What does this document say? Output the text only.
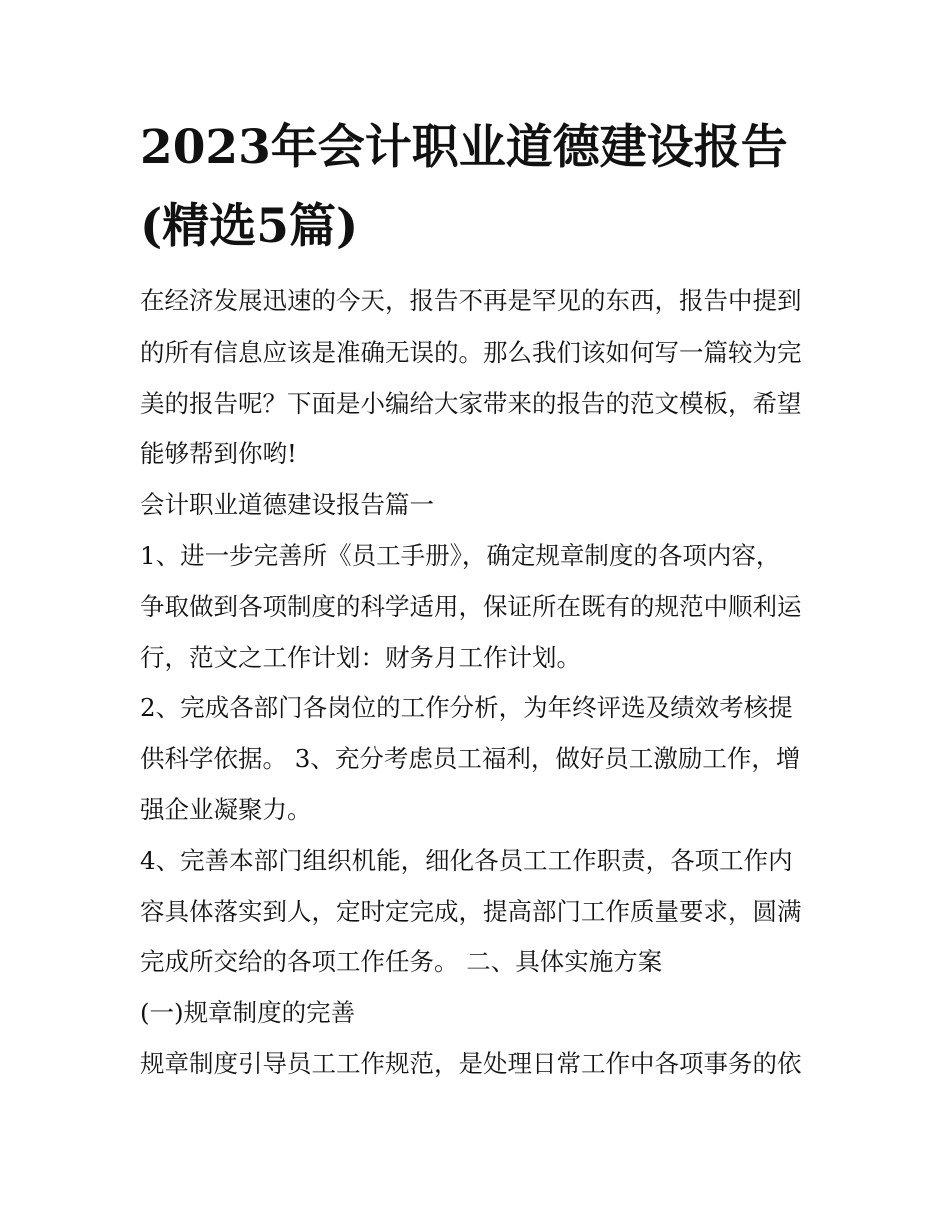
2023年会计职业道德建设报告
(精选5篇)

在经济发展迅速的今天，报告不再是罕见的东西，报告中提到

的所有信息应该是准确无误的。那么我们该如何写一篇较为完

美的报告呢？下面是小编给大家带来的报告的范文模板，希望

能够帮到你哟!

会计职业道德建设报告篇一

1、进一步完善所《员工手册》，确定规章制度的各项内容，

争取做到各项制度的科学适用，保证所在既有的规范中顺利运

行，范文之工作计划：财务月工作计划。

2、完成各部门各岗位的工作分析，为年终评选及绩效考核提

供科学依据。 3、充分考虑员工福利，做好员工激励工作，增

强企业凝聚力。

4、完善本部门组织机能，细化各员工工作职责，各项工作内

容具体落实到人，定时定完成，提高部门工作质量要求，圆满

完成所交给的各项工作任务。 二、具体实施方案

(一)规章制度的完善

规章制度引导员工工作规范，是处理日常工作中各项事务的依
